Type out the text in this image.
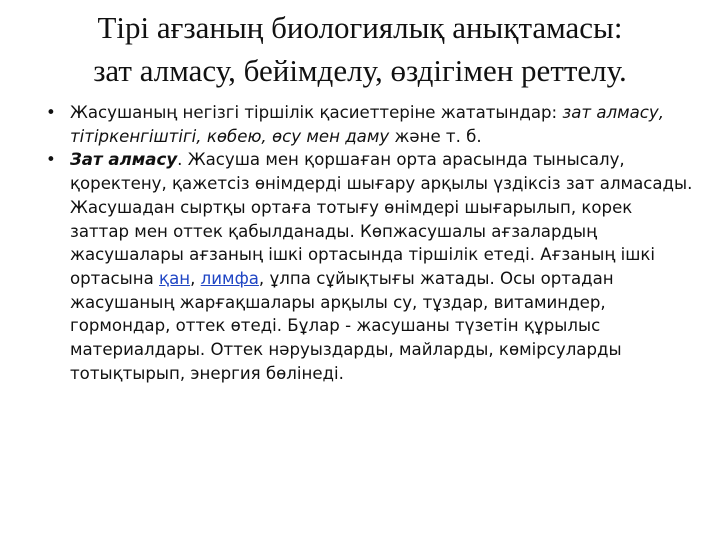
Тірі ағзаның биологиялық анықтамасы:
зат алмасу, бейімделу, өздігімен реттелу.
• Жасушаның негізгі тіршілік қасиеттеріне жататындар: зат алмасу, тітіркенгіштігі, көбею, өсу мен даму және т. б.
• Зат алмасу. Жасуша мен қоршаған орта арасында тынысалу, қоректену, қажетсіз өнімдерді шығару арқылы үздіксіз зат алмасады. Жасушадан сыртқы ортаға тотығу өнімдері шығарылып, корек заттар мен оттек қабылданады. Көпжасушалы ағзалардың жасушалары ағзаның ішкі ортасында тіршілік етеді. Ағзаның ішкі ортасына қан, лимфа, ұлпа сұйықтығы жатады. Осы ортадан жасушаның жарғақшалары арқылы су, тұздар, витаминдер, гормондар, оттек өтеді. Бұлар - жасушаны түзетін құрылыс материалдары. Оттек нәруыздарды, майларды, көмірсуларды тотықтырып, энергия бөлінеді.
